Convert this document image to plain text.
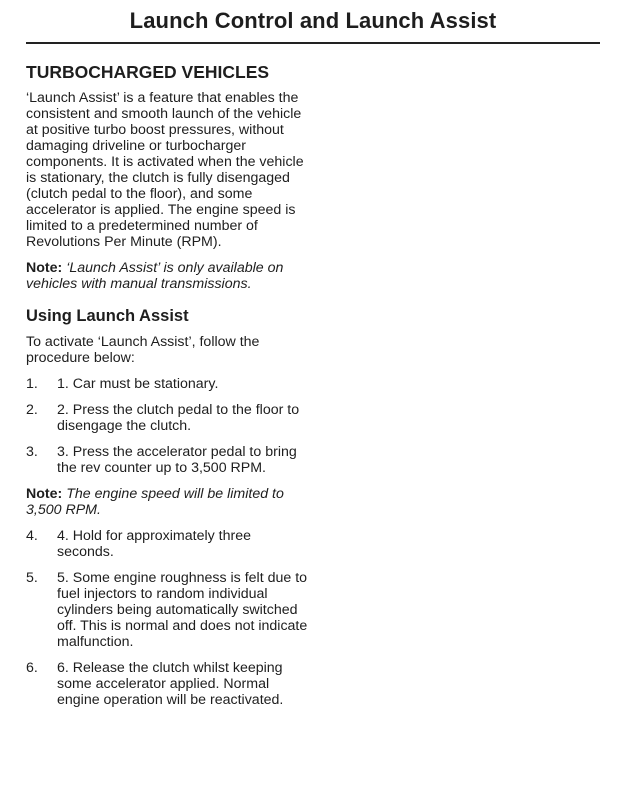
Launch Control and Launch Assist
TURBOCHARGED VEHICLES

‘Launch Assist’ is a feature that enables the consistent and smooth launch of the vehicle at positive turbo boost pressures, without damaging driveline or turbocharger components. It is activated when the vehicle is stationary, the clutch is fully disengaged (clutch pedal to the floor), and some accelerator is applied. The engine speed is limited to a predetermined number of Revolutions Per Minute (RPM).

Note: ‘Launch Assist’ is only available on vehicles with manual transmissions.

Using Launch Assist

To activate ‘Launch Assist’, follow the procedure below:

1.	1. Car must be stationary.
2.	2. Press the clutch pedal to the floor to disengage the clutch.
3.	3. Press the accelerator pedal to bring the rev counter up to 3,500 RPM.

Note: The engine speed will be limited to 3,500 RPM.

4.	4. Hold for approximately three seconds.
5.	5. Some engine roughness is felt due to fuel injectors to random individual cylinders being automatically switched off. This is normal and does not indicate malfunction.
6.	6. Release the clutch whilst keeping some accelerator applied. Normal engine operation will be reactivated.
